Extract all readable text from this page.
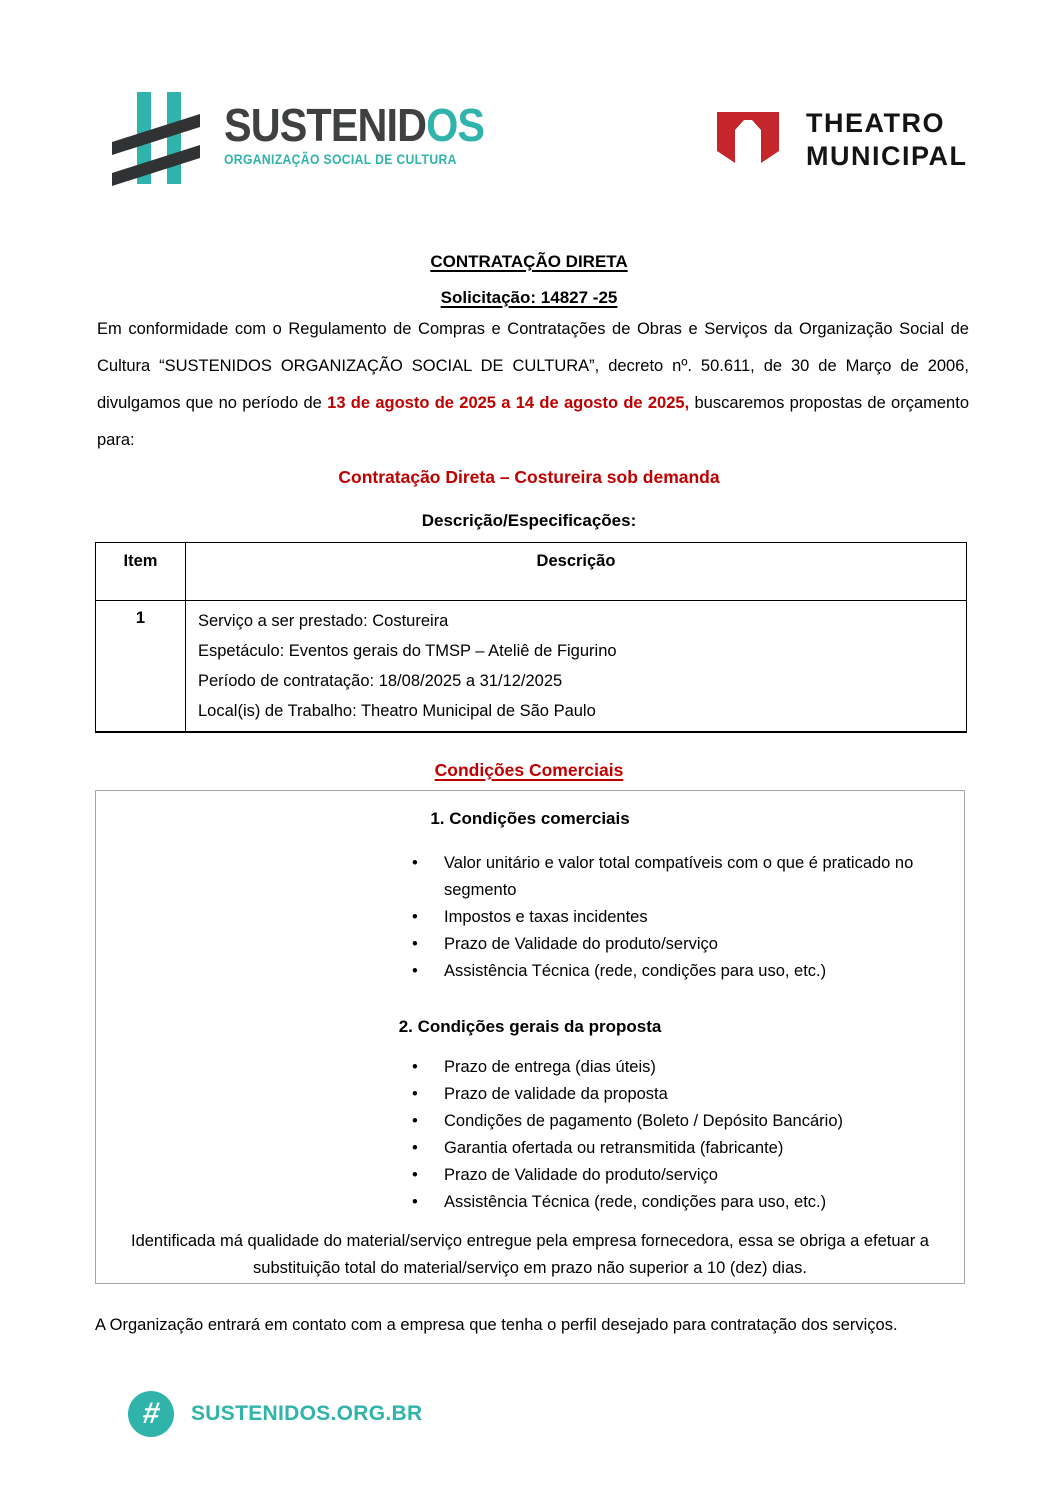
SUSTENIDOS
ORGANIZAÇÃO SOCIAL DE CULTURA
THEATRO
MUNICIPAL
CONTRATAÇÃO DIRETA
Solicitação: 14827 -25
Em conformidade com o Regulamento de Compras e Contratações de Obras e Serviços da Organização Social de Cultura “SUSTENIDOS ORGANIZAÇÃO SOCIAL DE CULTURA”, decreto nº. 50.611, de 30 de Março de 2006, divulgamos que no período de 13 de agosto de 2025 a 14 de agosto de 2025, buscaremos propostas de orçamento para:
Contratação Direta – Costureira sob demanda
Descrição/Especificações:
Item	Descrição
1	Serviço a ser prestado: Costureira
Espetáculo: Eventos gerais do TMSP – Ateliê de Figurino
Período de contratação: 18/08/2025 a 31/12/2025
Local(is) de Trabalho: Theatro Municipal de São Paulo
Condições Comerciais
1. Condições comerciais
• Valor unitário e valor total compatíveis com o que é praticado no segmento
• Impostos e taxas incidentes
• Prazo de Validade do produto/serviço
• Assistência Técnica (rede, condições para uso, etc.)
2. Condições gerais da proposta
• Prazo de entrega (dias úteis)
• Prazo de validade da proposta
• Condições de pagamento (Boleto / Depósito Bancário)
• Garantia ofertada ou retransmitida (fabricante)
• Prazo de Validade do produto/serviço
• Assistência Técnica (rede, condições para uso, etc.)
Identificada má qualidade do material/serviço entregue pela empresa fornecedora, essa se obriga a efetuar a substituição total do material/serviço em prazo não superior a 10 (dez) dias.
A Organização entrará em contato com a empresa que tenha o perfil desejado para contratação dos serviços.
# SUSTENIDOS.ORG.BR
